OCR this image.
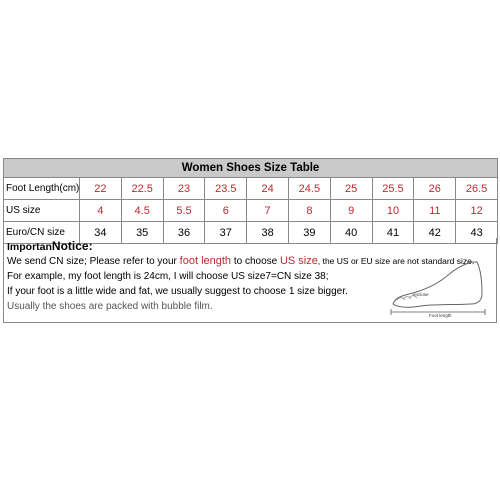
Women Shoes Size Table										
Foot Length(cm)	22	22.5	23	23.5	24	24.5	25	25.5	26	26.5
US size	4	4.5	5.5	6	7	8	9	10	11	12
Euro/CN size	34	35	36	37	38	39	40	41	42	43
ImportanNotice:
We send CN size; Please refer to your foot length to choose US size, the US or EU size are not standard size.
For example, my foot length is 24cm, I will choose US size7=CN size 38;
If your foot is a little wide and fat, we usually suggest to choose 1 size bigger.
Usually the shoes are packed with bubble film.
enclose
Foot length
